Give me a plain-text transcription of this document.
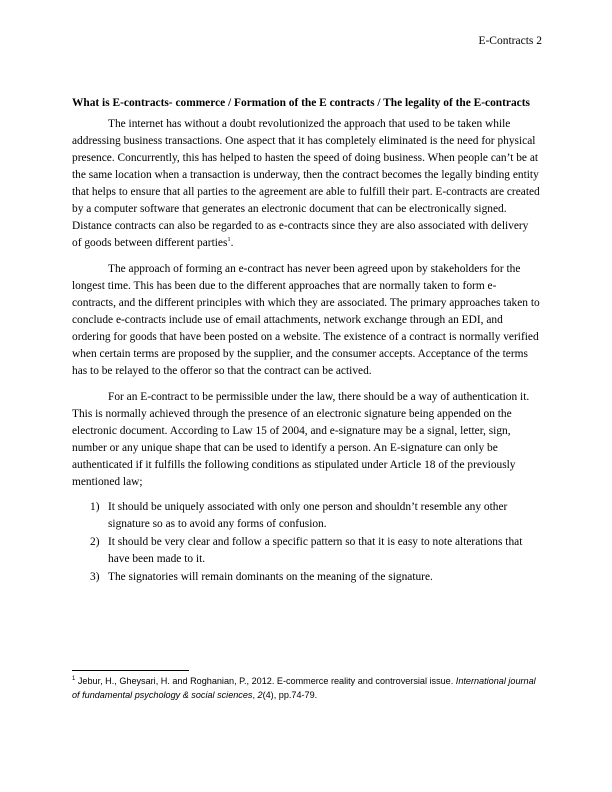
E-Contracts 2

What is E-contracts- commerce / Formation of the E contracts / The legality of the E-contracts

The internet has without a doubt revolutionized the approach that used to be taken while addressing business transactions. One aspect that it has completely eliminated is the need for physical presence. Concurrently, this has helped to hasten the speed of doing business. When people can’t be at the same location when a transaction is underway, then the contract becomes the legally binding entity that helps to ensure that all parties to the agreement are able to fulfill their part. E-contracts are created by a computer software that generates an electronic document that can be electronically signed. Distance contracts can also be regarded to as e-contracts since they are also associated with delivery of goods between different parties$^1$.

The approach of forming an e-contract has never been agreed upon by stakeholders for the longest time. This has been due to the different approaches that are normally taken to form e-contracts, and the different principles with which they are associated. The primary approaches taken to conclude e-contracts include use of email attachments, network exchange through an EDI, and ordering for goods that have been posted on a website. The existence of a contract is normally verified when certain terms are proposed by the supplier, and the consumer accepts. Acceptance of the terms has to be relayed to the offeror so that the contract can be actived.

For an E-contract to be permissible under the law, there should be a way of authentication it. This is normally achieved through the presence of an electronic signature being appended on the electronic document. According to Law 15 of 2004, and e-signature may be a signal, letter, sign, number or any unique shape that can be used to identify a person. An E-signature can only be authenticated if it fulfills the following conditions as stipulated under Article 18 of the previously mentioned law;

1) It should be uniquely associated with only one person and shouldn’t resemble any other signature so as to avoid any forms of confusion.
2) It should be very clear and follow a specific pattern so that it is easy to note alterations that have been made to it.
3) The signatories will remain dominants on the meaning of the signature.
$^1$ Jebur, H., Gheysari, H. and Roghanian, P., 2012. E-commerce reality and controversial issue. International journal of fundamental psychology & social sciences, 2(4), pp.74-79.
